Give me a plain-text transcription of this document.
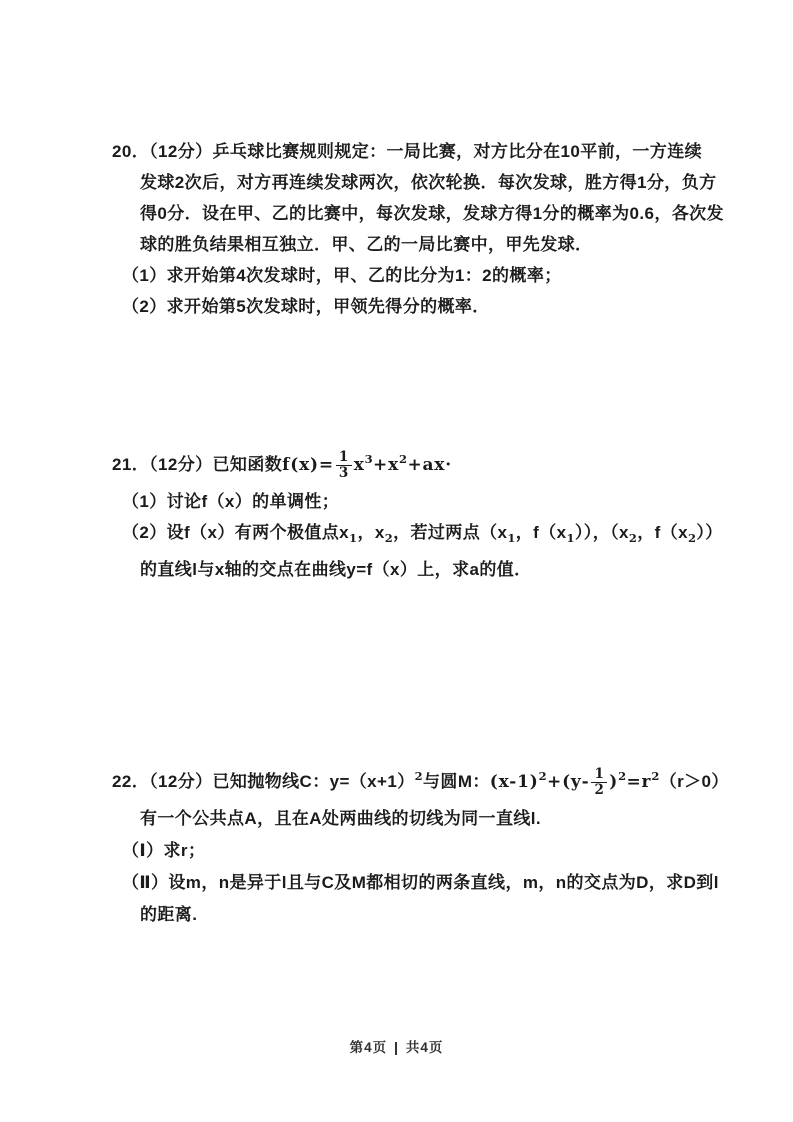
20．（12分）乒乓球比赛规则规定：一局比赛，对方比分在10平前，一方连续
发球2次后，对方再连续发球两次，依次轮换．每次发球，胜方得1分，负方
得0分．设在甲、乙的比赛中，每次发球，发球方得1分的概率为0.6，各次发
球的胜负结果相互独立．甲、乙的一局比赛中，甲先发球．
（1）求开始第4次发球时，甲、乙的比分为1：2的概率；
（2）求开始第5次发球时，甲领先得分的概率．
21．（12分）已知函数$f(x)= \frac{1}{3} x^3+x^2+ax\cdot$
（1）讨论f（x）的单调性；
（2）设f（x）有两个极值点$x_1$，$x_2$，若过两点（$x_1$，$f(x_1)$），（$x_2$，$f(x_2)$）
的直线l与x轴的交点在曲线y=f（x）上，求a的值．
22．（12分）已知抛物线C：$y=(x+1)^2$与圆M：$(x-1)^2+(y- \frac{1}{2} )^2=r^2(r>0)$
有一个公共点A，且在A处两曲线的切线为同一直线l.
（Ⅰ）求r；
（Ⅱ）设m，n是异于l且与C及M都相切的两条直线，m，n的交点为D，求D到l
的距离.
第4页 | 共4页
